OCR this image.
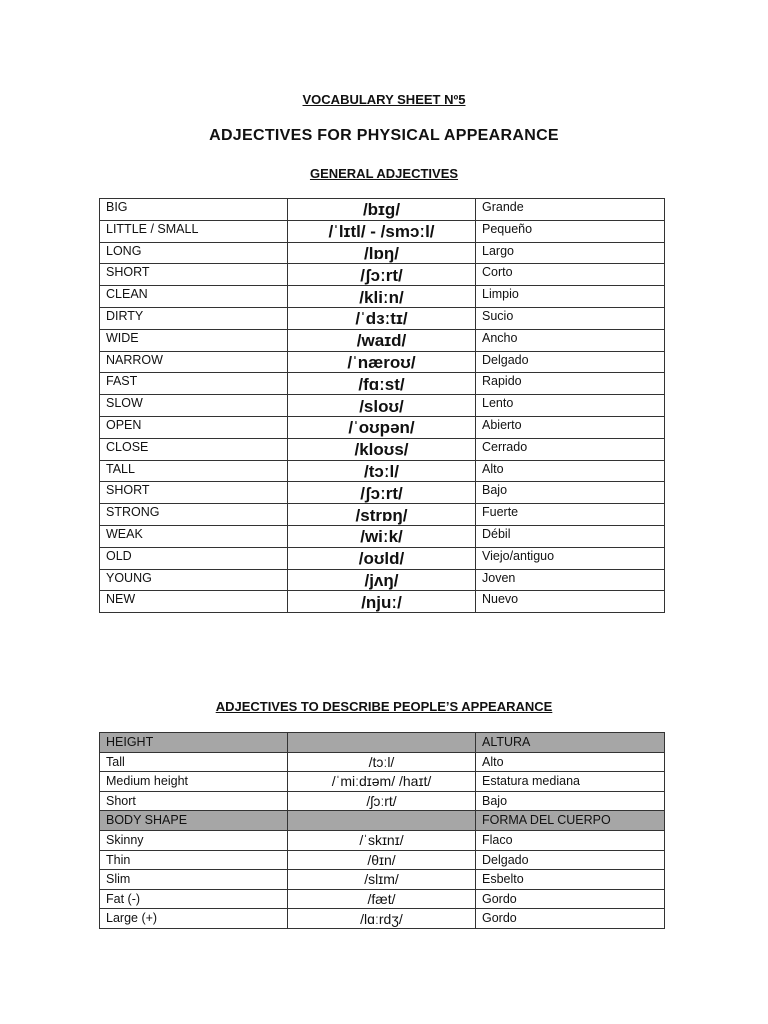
VOCABULARY SHEET Nº5

ADJECTIVES FOR PHYSICAL APPEARANCE

GENERAL ADJECTIVES

BIG	/bɪɡ/	Grande
LITTLE / SMALL	/ˈlɪtl/ - /smɔːl/	Pequeño
LONG	/lɒŋ/	Largo
SHORT	/ʃɔːrt/	Corto
CLEAN	/kliːn/	Limpio
DIRTY	/ˈdɜːtɪ/	Sucio
WIDE	/waɪd/	Ancho
NARROW	/ˈnæroʊ/	Delgado
FAST	/fɑːst/	Rapido
SLOW	/sloʊ/	Lento
OPEN	/ˈoʊpən/	Abierto
CLOSE	/kloʊs/	Cerrado
TALL	/tɔːl/	Alto
SHORT	/ʃɔːrt/	Bajo
STRONG	/strɒŋ/	Fuerte
WEAK	/wiːk/	Débil
OLD	/oʊld/	Viejo/antiguo
YOUNG	/jʌŋ/	Joven
NEW	/njuː/	Nuevo

ADJECTIVES TO DESCRIBE PEOPLE’S APPEARANCE

HEIGHT		ALTURA
Tall	/tɔːl/	Alto
Medium height	/ˈmiːdɪəm/ /haɪt/	Estatura mediana
Short	/ʃɔːrt/	Bajo
BODY SHAPE		FORMA DEL CUERPO
Skinny	/ˈskɪnɪ/	Flaco
Thin	/θɪn/	Delgado
Slim	/slɪm/	Esbelto
Fat (-)	/fæt/	Gordo
Large (+)	/lɑːrdʒ/	Gordo
